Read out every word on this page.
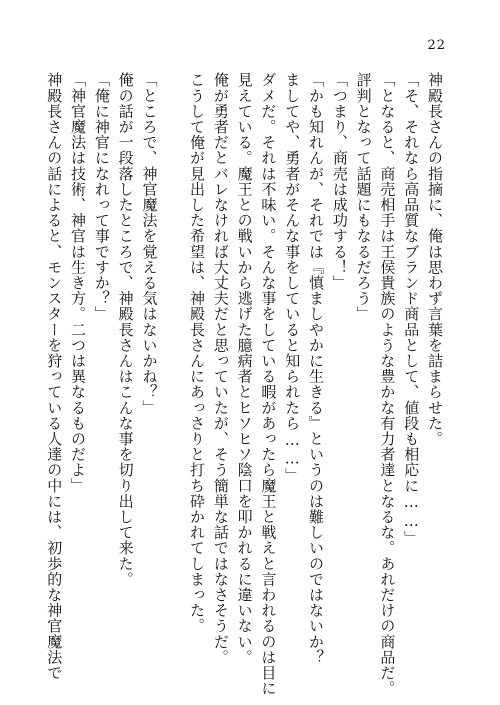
22
神殿長さんの指摘に、俺は思わず言葉を詰まらせた。
「そ、それなら高品質なブランド商品として、値段も相応に……」
「となると、商売相手は王侯貴族のような豊かな有力者達となるな。あれだけの商品だ。
評判となって話題にもなるだろう」
「つまり、商売は成功する！」
「かも知れんが、それでは『慎ましやかに生きる』というのは難しいのではないか？
ましてや、勇者がそんな事をしていると知られたら……」
ダメだ。それは不味い。そんな事をしている暇があったら魔王と戦えと言われるのは目に
見えている。魔王との戦いから逃げた臆病者とヒソヒソ陰口を叩かれるに違いない。
俺が勇者だとバレなければ大丈夫だと思っていたが、そう簡単な話ではなさそうだ。
こうして俺が見出した希望は、神殿長さんにあっさりと打ち砕かれてしまった。
「ところで、神官魔法を覚える気はないかね？」
俺の話が一段落したところで、神殿長さんはこんな事を切り出して来た。
「俺に神官になれって事ですか？」
「神官魔法は技術、神官は生き方。二つは異なるものだよ」
神殿長さんの話によると、モンスターを狩っている人達の中には、初歩的な神官魔法で
